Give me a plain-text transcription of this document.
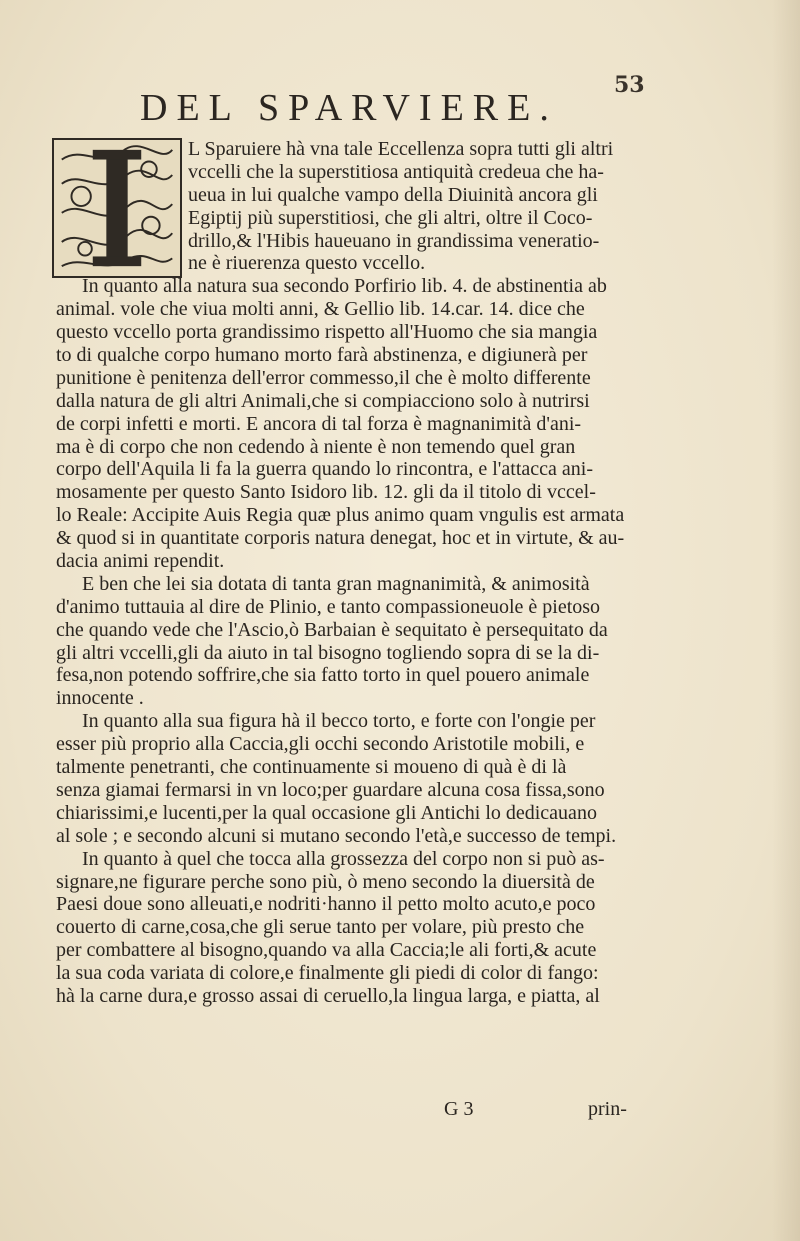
53
DEL SPARVIERE.
L Sparuiere hà vna tale Eccellenza sopra tutti gli altri
vccelli che la superstitiosa antiquità credeua che ha-
ueua in lui qualche vampo della Diuinità ancora gli
Egiptij più superstitiosi, che gli altri, oltre il Coco-
drillo,& l'Hibis haueuano in grandissima veneratio-
ne è riuerenza questo vccello.
In quanto alla natura sua secondo Porfirio lib. 4. de abstinentia ab
animal. vole che viua molti anni, & Gellio lib. 14.car. 14. dice che
questo vccello porta grandissimo rispetto all'Huomo che sia mangia
to di qualche corpo humano morto farà abstinenza, e digiunerà per
punitione è penitenza dell'error commesso,il che è molto differente
dalla natura de gli altri Animali,che si compiacciono solo à nutrirsi
de corpi infetti e morti. E ancora di tal forza è magnanimità d'ani-
ma è di corpo che non cedendo à niente è non temendo quel gran
corpo dell'Aquila li fa la guerra quando lo rincontra, e l'attacca ani-
mosamente per questo Santo Isidoro lib. 12. gli da il titolo di vccel-
lo Reale: Accipite Auis Regia quæ plus animo quam vngulis est armata
& quod si in quantitate corporis natura denegat, hoc et in virtute, & au-
dacia animi rependit.
E ben che lei sia dotata di tanta gran magnanimità, & animosità
d'animo tuttauia al dire de Plinio, e tanto compassioneuole è pietoso
che quando vede che l'Ascio,ò Barbaian è sequitato è persequitato da
gli altri vccelli,gli da aiuto in tal bisogno togliendo sopra di se la di-
fesa,non potendo soffrire,che sia fatto torto in quel pouero animale
innocente .
In quanto alla sua figura hà il becco torto, e forte con l'ongie per
esser più proprio alla Caccia,gli occhi secondo Aristotile mobili, e
talmente penetranti, che continuamente si moueno di quà è di là
senza giamai fermarsi in vn loco;per guardare alcuna cosa fissa,sono
chiarissimi,e lucenti,per la qual occasione gli Antichi lo dedicauano
al sole ; e secondo alcuni si mutano secondo l'età,e successo de tempi.
In quanto à quel che tocca alla grossezza del corpo non si può as-
signare,ne figurare perche sono più, ò meno secondo la diuersità de
Paesi doue sono alleuati,e nodriti·hanno il petto molto acuto,e poco
couerto di carne,cosa,che gli serue tanto per volare, più presto che
per combattere al bisogno,quando va alla Caccia;le ali forti,& acute
la sua coda variata di colore,e finalmente gli piedi di color di fango:
hà la carne dura,e grosso assai di ceruello,la lingua larga, e piatta, al
G 3	prin-
